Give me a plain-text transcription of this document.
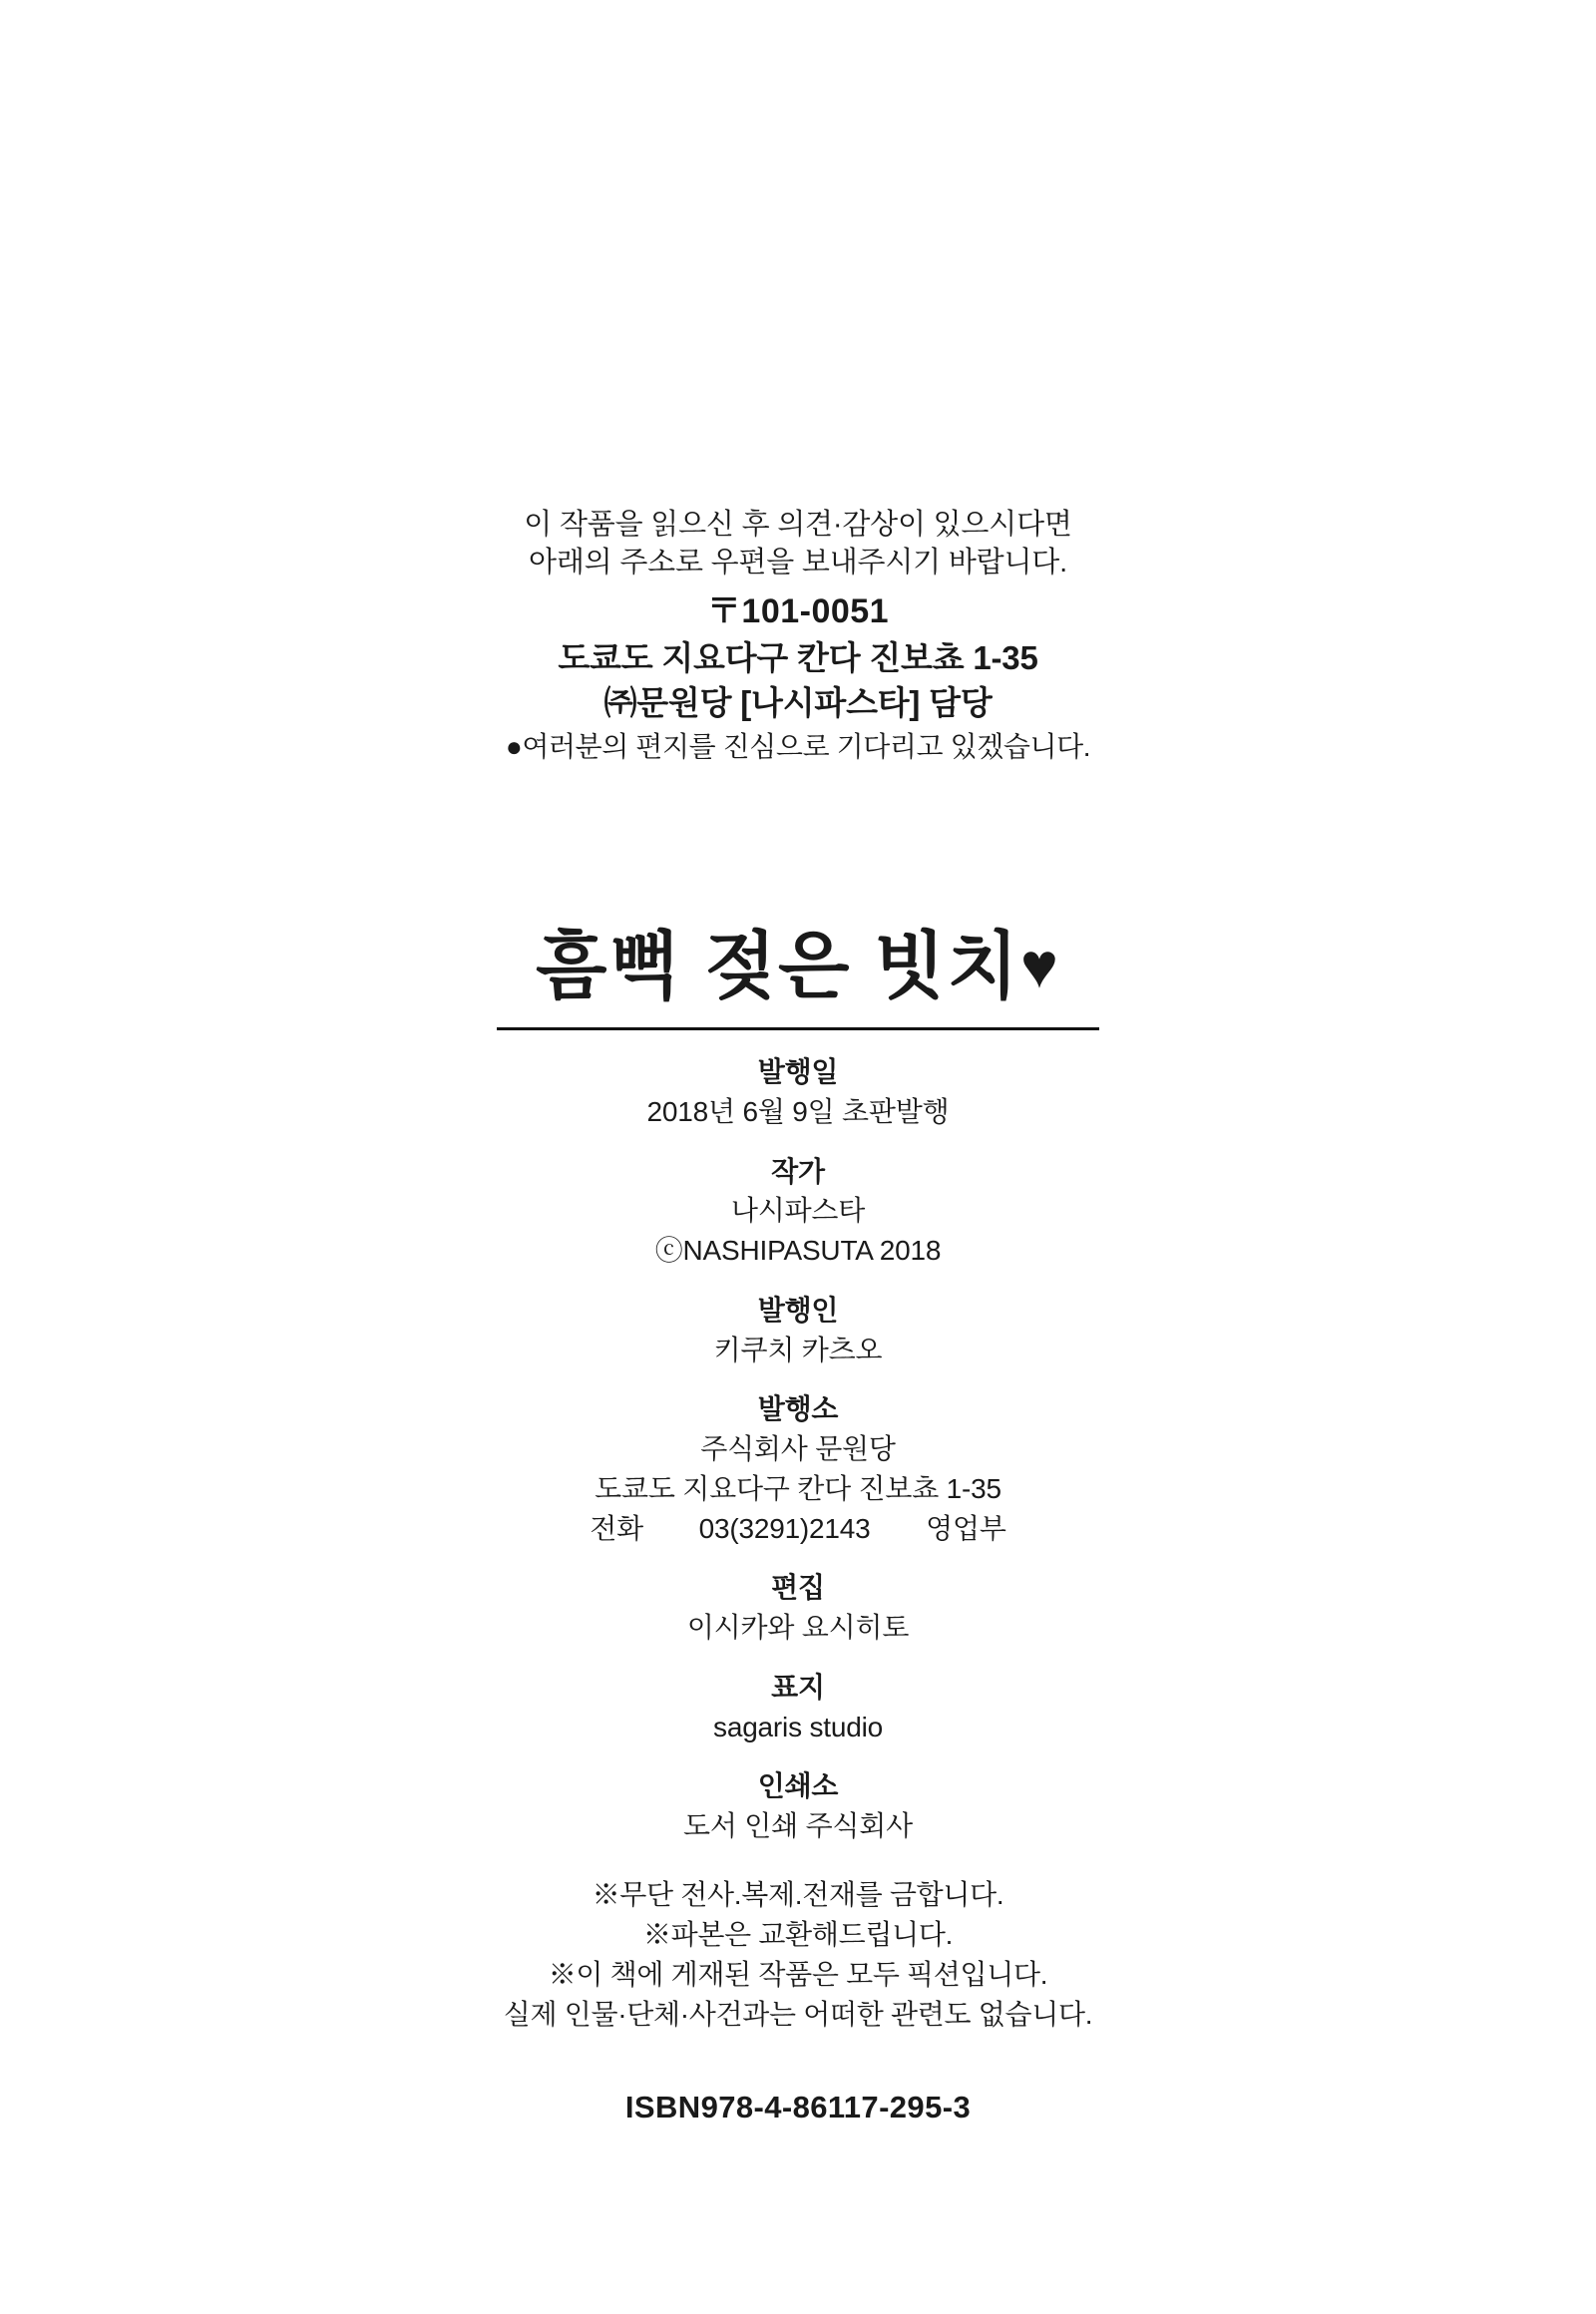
이 작품을 읽으신 후 의견·감상이 있으시다면
아래의 주소로 우편을 보내주시기 바랍니다.
〒101-0051
도쿄도 지요다구 칸다 진보쵸 1-35
㈜문원당 [나시파스타] 담당
●여러분의 편지를 진심으로 기다리고 있겠습니다.
흠뻑 젖은 빗치♥
발행일
2018년 6월 9일 초판발행
작가
나시파스타
ⓒNASHIPASUTA 2018
발행인
키쿠치 카츠오
발행소
주식회사 문원당
도쿄도 지요다구 칸다 진보쵸 1-35
전화　　03(3291)2143　　영업부
편집
이시카와 요시히토
표지
sagaris studio
인쇄소
도서 인쇄 주식회사
※무단 전사.복제.전재를 금합니다.
※파본은 교환해드립니다.
※이 책에 게재된 작품은 모두 픽션입니다.
실제 인물·단체·사건과는 어떠한 관련도 없습니다.
ISBN978-4-86117-295-3
